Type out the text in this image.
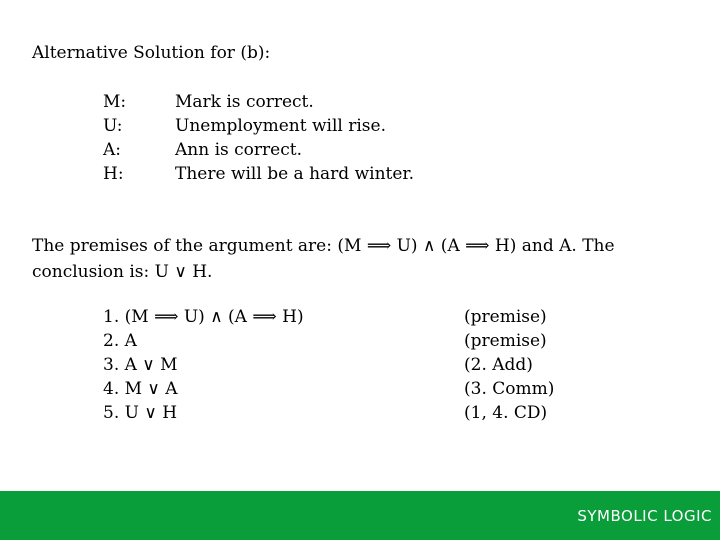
Alternative Solution for (b):
M:	Mark is correct.
U:	Unemployment will rise.
A:	Ann is correct.
H:	There will be a hard winter.
The premises of the argument are: (M ⟹ U) ∧ (A ⟹ H) and A. The conclusion is: U ∨ H.
1. (M ⟹ U) ∧ (A ⟹ H)	(premise)
2. A	(premise)
3. A ∨ M	(2. Add)
4. M ∨ A	(3. Comm)
5. U ∨ H	(1, 4. CD)
SYMBOLIC LOGIC
